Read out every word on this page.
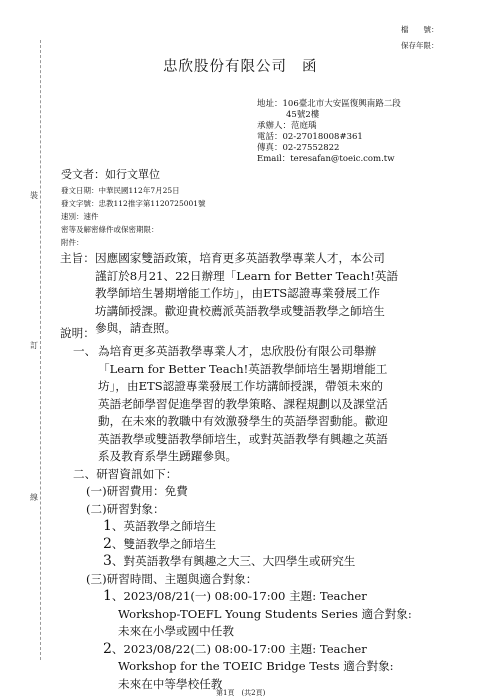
檔　　號：
保存年限：
忠欣股份有限公司 函
地址：106臺北市大安區復興南路二段
45號2樓
承辦人：范庭瑀
電話：02-27018008#361
傳真：02-27552822
Email：teresafan@toeic.com.tw
受文者：如行文單位
發文日期：中華民國112年7月25日
發文字號：忠教112推字第1120725001號
速別：速件
密等及解密條件或保密期限：
附件：
裝
訂
線
主旨： 因應國家雙語政策，培育更多英語教學專業人才，本公司
謹訂於8月21、22日辦理「Learn for Better Teach!英語
教學師培生暑期增能工作坊」，由ETS認證專業發展工作
坊講師授課。歡迎貴校薦派英語教學或雙語教學之師培生
參與，請查照。
說明：
一、 為培育更多英語教學專業人才，忠欣股份有限公司舉辦
「Learn for Better Teach!英語教學師培生暑期增能工
坊」，由ETS認證專業發展工作坊講師授課，帶領未來的
英語老師學習促進學習的教學策略、課程規劃以及課堂活
動，在未來的教職中有效激發學生的英語學習動能。歡迎
英語教學或雙語教學師培生，或對英語教學有興趣之英語
系及教育系學生踴躍參與。
二、研習資訊如下：
(一)研習費用：免費
(二)研習對象：
1、英語教學之師培生
2、雙語教學之師培生
3、對英語教學有興趣之大三、大四學生或研究生
(三)研習時間、主題與適合對象：
1、2023/08/21(一) 08:00-17:00 主題: Teacher
Workshop-TOEFL Young Students Series 適合對象:
未來在小學或國中任教
2、2023/08/22(二) 08:00-17:00 主題: Teacher
Workshop for the TOEIC Bridge Tests 適合對象:
未來在中等學校任教
第1頁　(共2頁)
